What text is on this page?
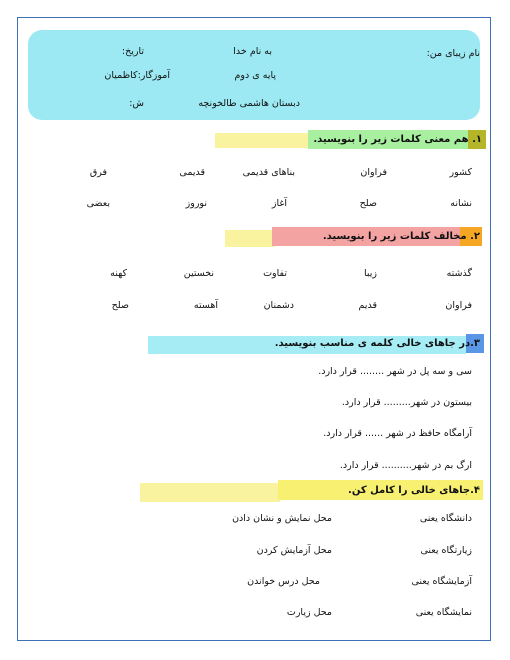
نام زیبای من:
به نام خدا
تاریخ:
پایه ی دوم
آموزگار:کاظمیان
دبستان هاشمی طالخونچه
ش:
۱. هم معنی کلمات زیر را بنویسید.
کشور
فراوان
بناهای قدیمی
قدیمی
فرق
نشانه
صلح
آغاز
نوروز
بعضی
۲. مخالف کلمات زیر را بنویسید.
گذشته
زیبا
تفاوت
نخستین
کهنه
فراوان
قدیم
دشمنان
آهسته
صلح
۳.در جاهای خالی کلمه ی مناسب بنویسید.
سی و سه پل در شهر ........ قرار دارد.
بیستون در شهر......... قرار دارد.
آرامگاه حافظ در شهر ...... قرار دارد.
ارگ بم در شهر.......... قرار دارد.
۴.جاهای خالی را کامل کن.
دانشگاه یعنی
زیارتگاه یعنی
آزمایشگاه یعنی
نمایشگاه یعنی
محل نمایش و نشان دادن
محل آزمایش کردن
محل درس خواندن
محل زیارت
